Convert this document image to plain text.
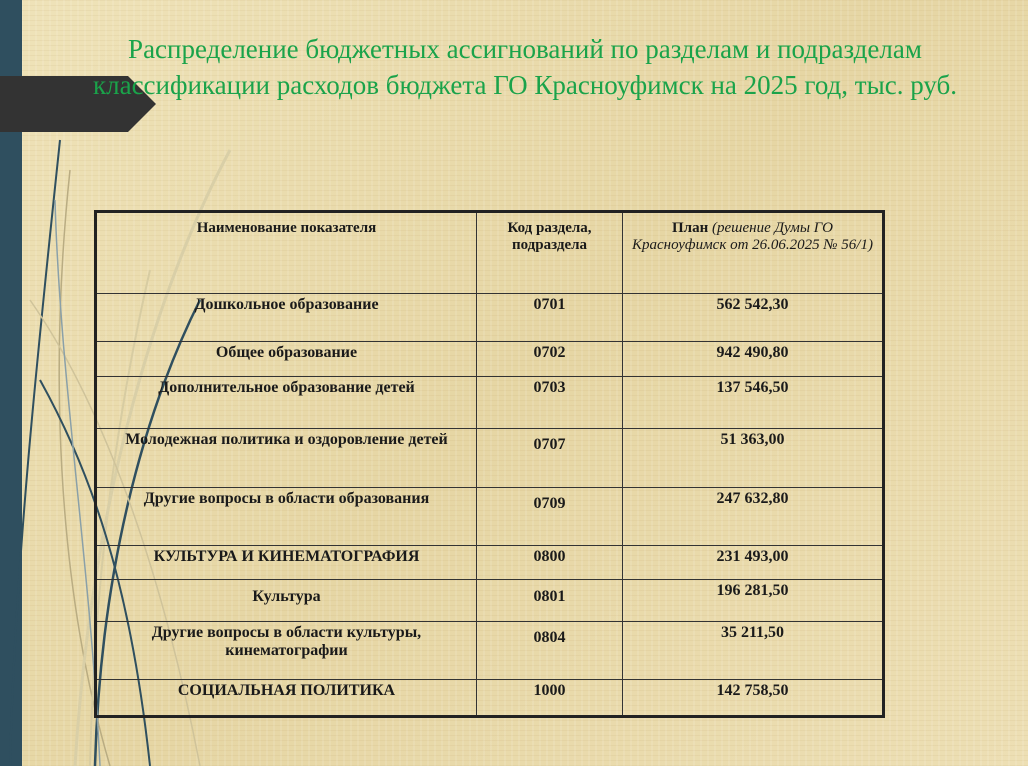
Распределение бюджетных ассигнований по разделам и подразделам классификации расходов бюджета ГО Красноуфимск на 2025 год, тыс. руб.
Наименование показателя	Код раздела, подраздела	План (решение Думы ГО Красноуфимск от 26.06.2025 № 56/1)
Дошкольное образование	0701	562 542,30
Общее образование	0702	942 490,80
Дополнительное образование детей	0703	137 546,50
Молодежная политика и оздоровление детей	0707	51 363,00
Другие вопросы в области образования	0709	247 632,80
КУЛЬТУРА И КИНЕМАТОГРАФИЯ	0800	231 493,00
Культура	0801	196 281,50
Другие вопросы в области культуры, кинематографии	0804	35 211,50
СОЦИАЛЬНАЯ ПОЛИТИКА	1000	142 758,50
